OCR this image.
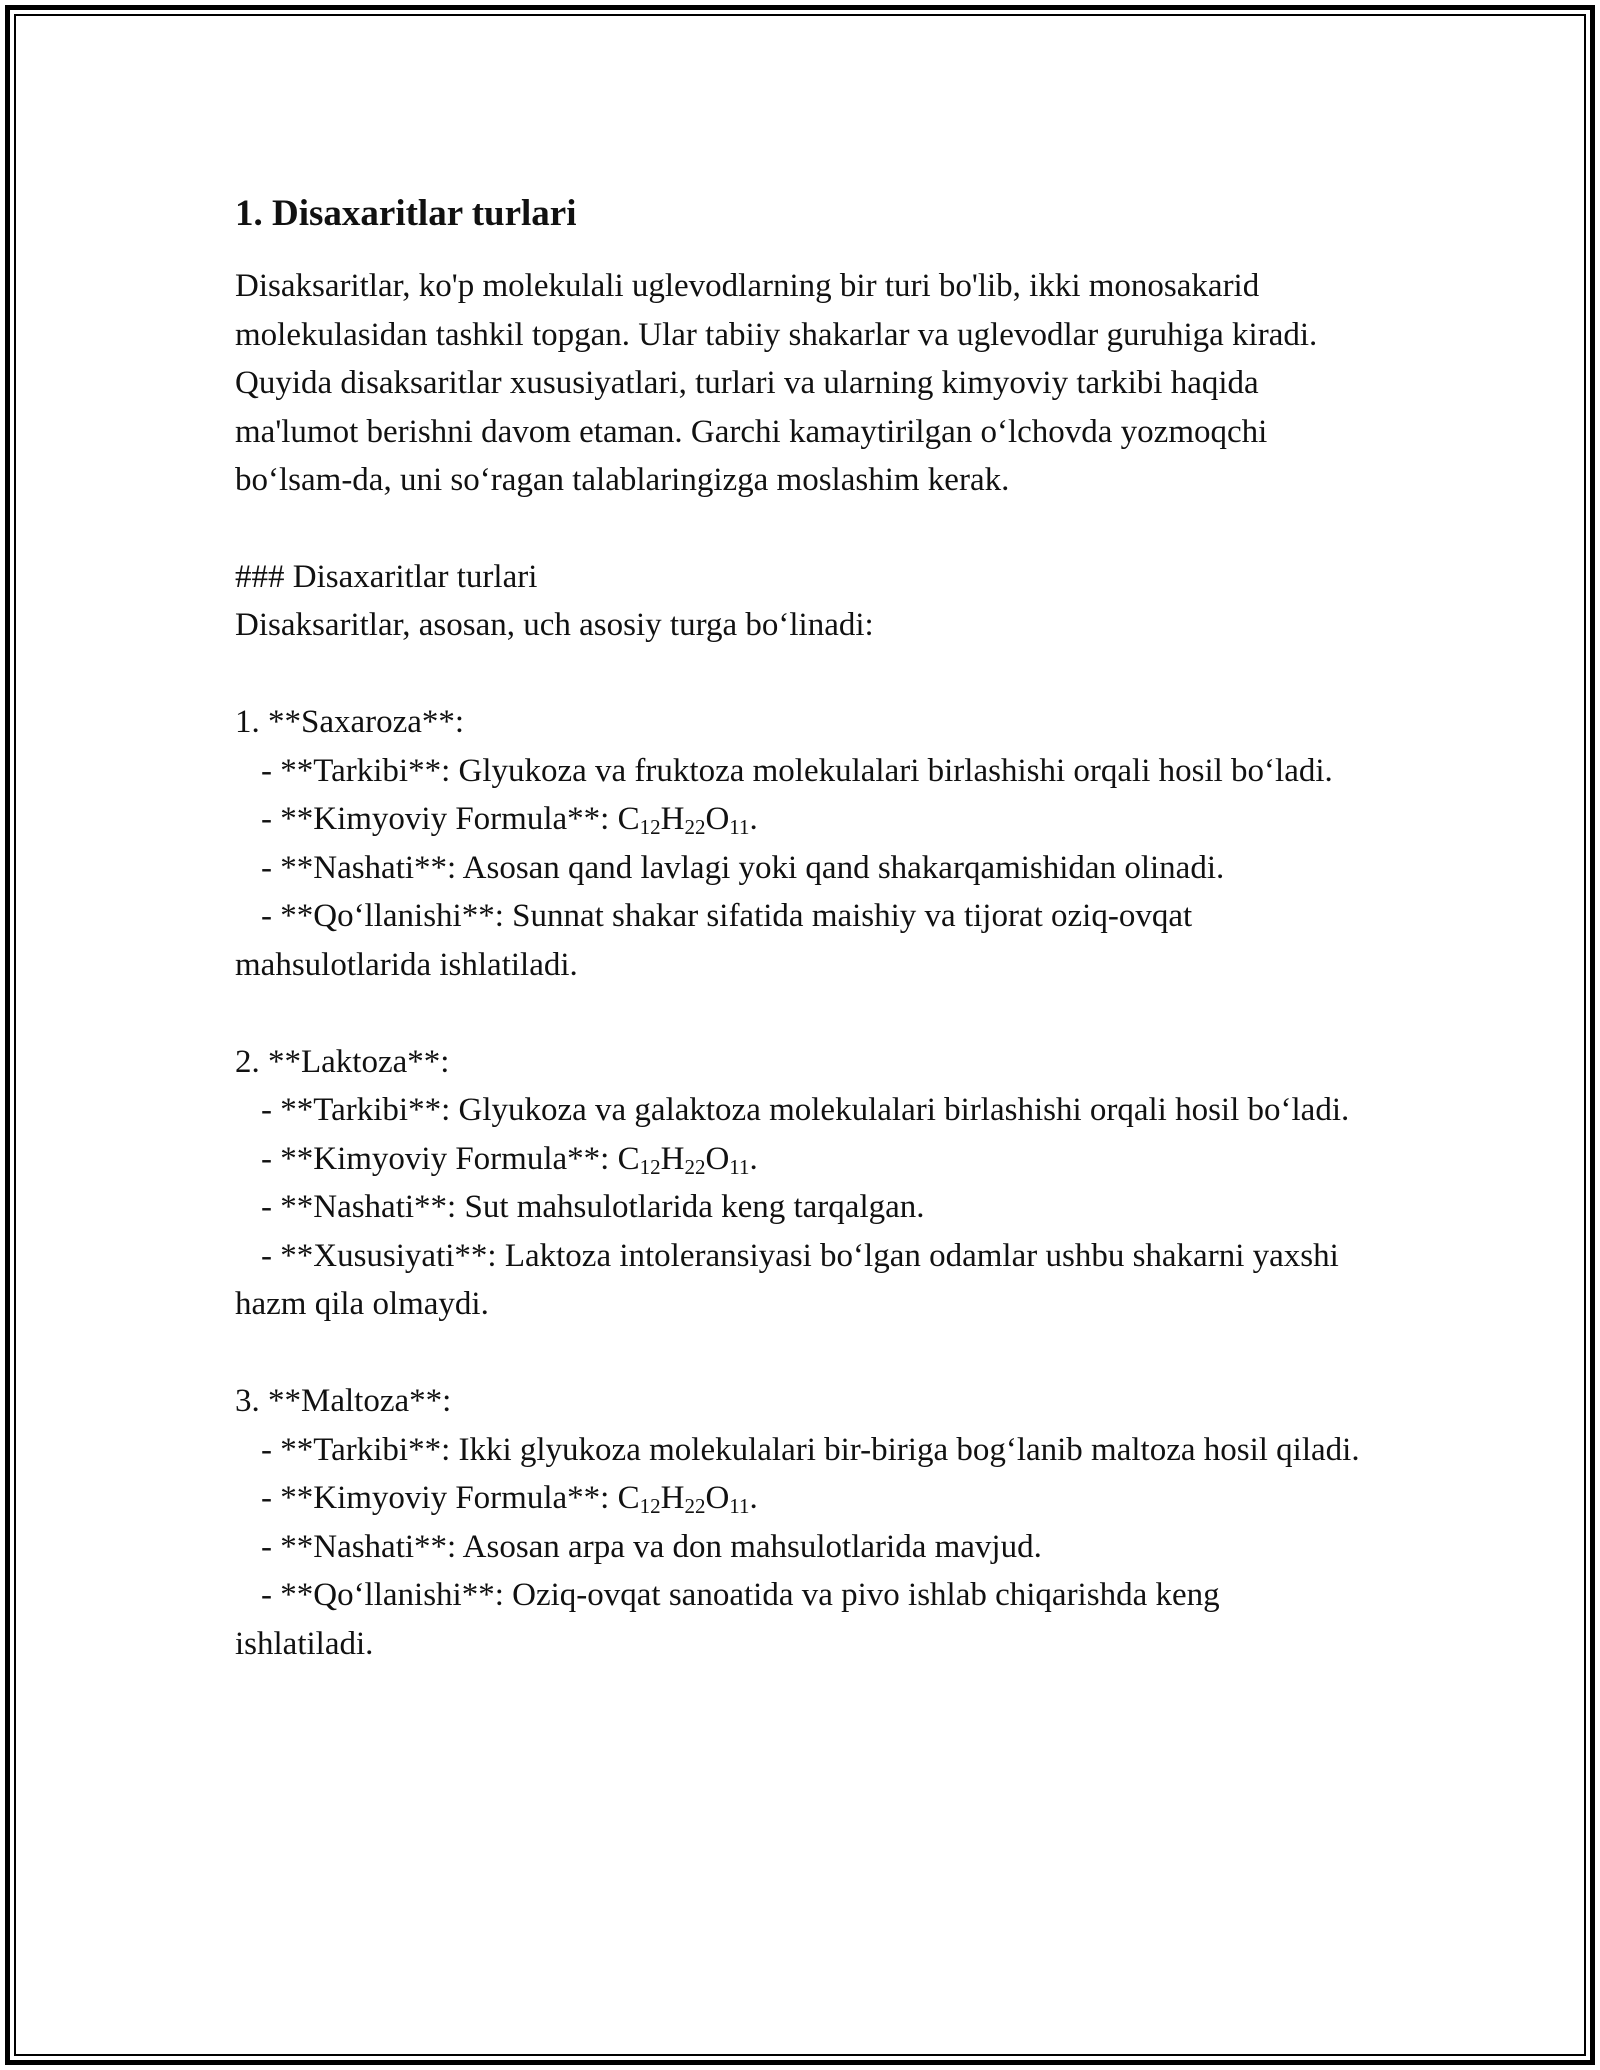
1. Disaxaritlar turlari

Disaksaritlar, ko'p molekulali uglevodlarning bir turi bo'lib, ikki monosakarid molekulasidan tashkil topgan. Ular tabiiy shakarlar va uglevodlar guruhiga kiradi. Quyida disaksaritlar xususiyatlari, turlari va ularning kimyoviy tarkibi haqida ma'lumot berishni davom etaman. Garchi kamaytirilgan o‘lchovda yozmoqchi bo‘lsam-da, uni so‘ragan talablaringizga moslashim kerak.

### Disaxaritlar turlari
Disaksaritlar, asosan, uch asosiy turga bo‘linadi:
1. **Saxaroza**:
- **Tarkibi**: Glyukoza va fruktoza molekulalari birlashishi orqali hosil bo‘ladi.
- **Kimyoviy Formula**: $C_{12}H_{22}O_{11}$.
- **Nashati**: Asosan qand lavlagi yoki qand shakarqamishidan olinadi.
- **Qo‘llanishi**: Sunnat shakar sifatida maishiy va tijorat oziq-ovqat mahsulotlarida ishlatiladi.
2. **Laktoza**:
- **Tarkibi**: Glyukoza va galaktoza molekulalari birlashishi orqali hosil bo‘ladi.
- **Kimyoviy Formula**: $C_{12}H_{22}O_{11}$.
- **Nashati**: Sut mahsulotlarida keng tarqalgan.
- **Xususiyati**: Laktoza intoleransiyasi bo‘lgan odamlar ushbu shakarni yaxshi hazm qila olmaydi.
3. **Maltoza**:
- **Tarkibi**: Ikki glyukoza molekulalari bir-biriga bog‘lanib maltoza hosil qiladi.
- **Kimyoviy Formula**: $C_{12}H_{22}O_{11}$.
- **Nashati**: Asosan arpa va don mahsulotlarida mavjud.
- **Qo‘llanishi**: Oziq-ovqat sanoatida va pivo ishlab chiqarishda keng ishlatiladi.
